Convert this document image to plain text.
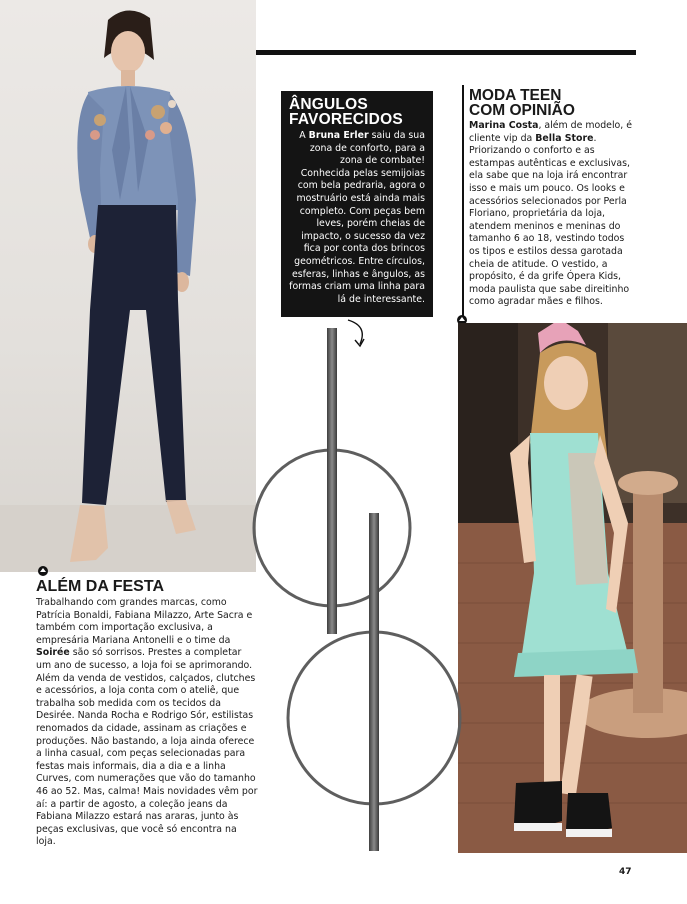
ÂNGULOS
FAVORECIDOS

A Bruna Erler saiu da sua zona de conforto, para a zona de combate! Conhecida pelas semijoias com bela pedraria, agora o mostruário está ainda mais completo. Com peças bem leves, porém cheias de impacto, o sucesso da vez fica por conta dos brincos geométricos. Entre círculos, esferas, linhas e ângulos, as formas criam uma linha para lá de interessante.

MODA TEEN
COM OPINIÃO

Marina Costa, além de modelo, é cliente vip da Bella Store. Priorizando o conforto e as estampas autênticas e exclusivas, ela sabe que na loja irá encontrar isso e mais um pouco. Os looks e acessórios selecionados por Perla Floriano, proprietária da loja, atendem meninos e meninas do tamanho 6 ao 18, vestindo todos os tipos e estilos dessa garotada cheia de atitude. O vestido, a propósito, é da grife Ópera Kids, moda paulista que sabe direitinho como agradar mães e filhos.

ALÉM DA FESTA

Trabalhando com grandes marcas, como Patrícia Bonaldi, Fabiana Milazzo, Arte Sacra e também com importação exclusiva, a empresária Mariana Antonelli e o time da Soirée são só sorrisos. Prestes a completar um ano de sucesso, a loja foi se aprimorando. Além da venda de vestidos, calçados, clutches e acessórios, a loja conta com o ateliê, que trabalha sob medida com os tecidos da Desirée. Nanda Rocha e Rodrigo Sór, estilistas renomados da cidade, assinam as criações e produções. Não bastando, a loja ainda oferece a linha casual, com peças selecionadas para festas mais informais, dia a dia e a linha Curves, com numerações que vão do tamanho 46 ao 52. Mas, calma! Mais novidades vêm por aí: a partir de agosto, a coleção jeans da Fabiana Milazzo estará nas araras, junto às peças exclusivas, que você só encontra na loja.

47
